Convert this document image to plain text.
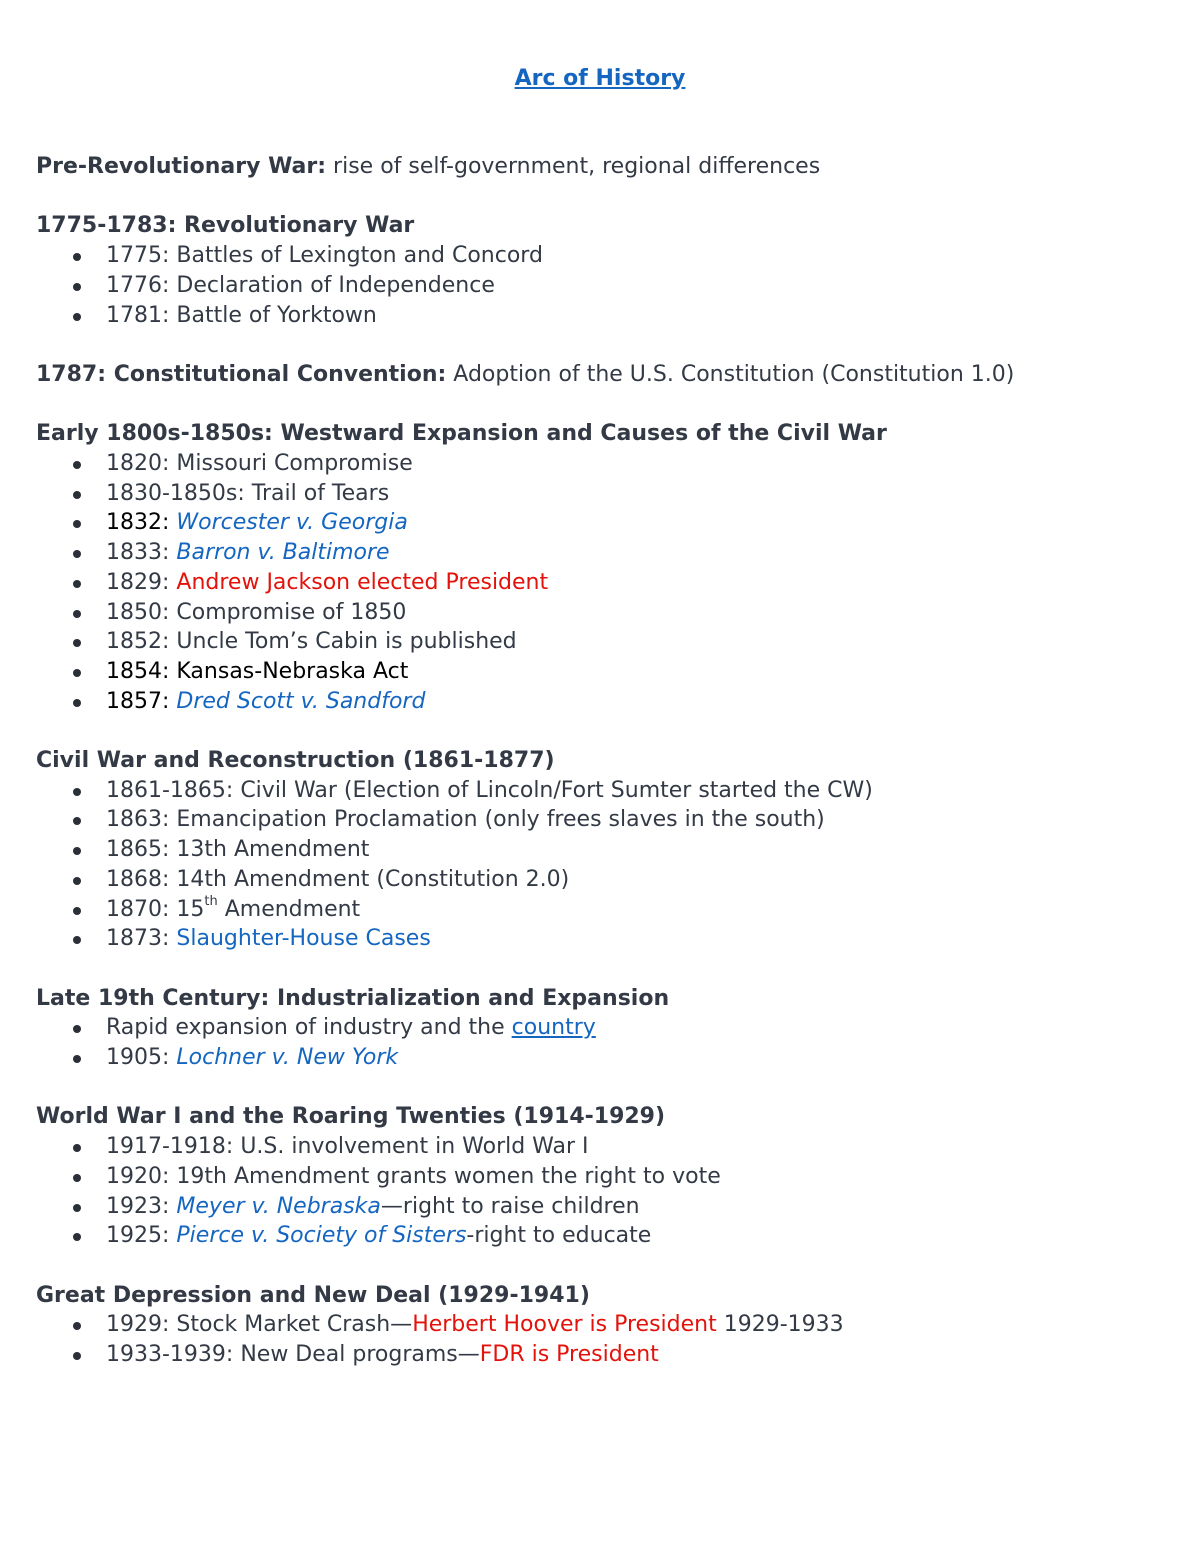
Arc of History

Pre-Revolutionary War: rise of self-government, regional differences

1775-1783: Revolutionary War

1775: Battles of Lexington and Concord
1776: Declaration of Independence
1781: Battle of Yorktown

1787: Constitutional Convention: Adoption of the U.S. Constitution (Constitution 1.0)

Early 1800s-1850s: Westward Expansion and Causes of the Civil War

1820: Missouri Compromise
1830-1850s: Trail of Tears
1832: Worcester v. Georgia
1833: Barron v. Baltimore
1829: Andrew Jackson elected President
1850: Compromise of 1850
1852: Uncle Tom’s Cabin is published
1854: Kansas-Nebraska Act
1857: Dred Scott v. Sandford

Civil War and Reconstruction (1861-1877)

1861-1865: Civil War (Election of Lincoln/Fort Sumter started the CW)
1863: Emancipation Proclamation (only frees slaves in the south)
1865: 13th Amendment
1868: 14th Amendment (Constitution 2.0)
1870: 15th Amendment
1873: Slaughter-House Cases

Late 19th Century: Industrialization and Expansion

Rapid expansion of industry and the country
1905: Lochner v. New York

World War I and the Roaring Twenties (1914-1929)

1917-1918: U.S. involvement in World War I
1920: 19th Amendment grants women the right to vote
1923: Meyer v. Nebraska—right to raise children
1925: Pierce v. Society of Sisters-right to educate

Great Depression and New Deal (1929-1941)

1929: Stock Market Crash—Herbert Hoover is President 1929-1933
1933-1939: New Deal programs—FDR is President
